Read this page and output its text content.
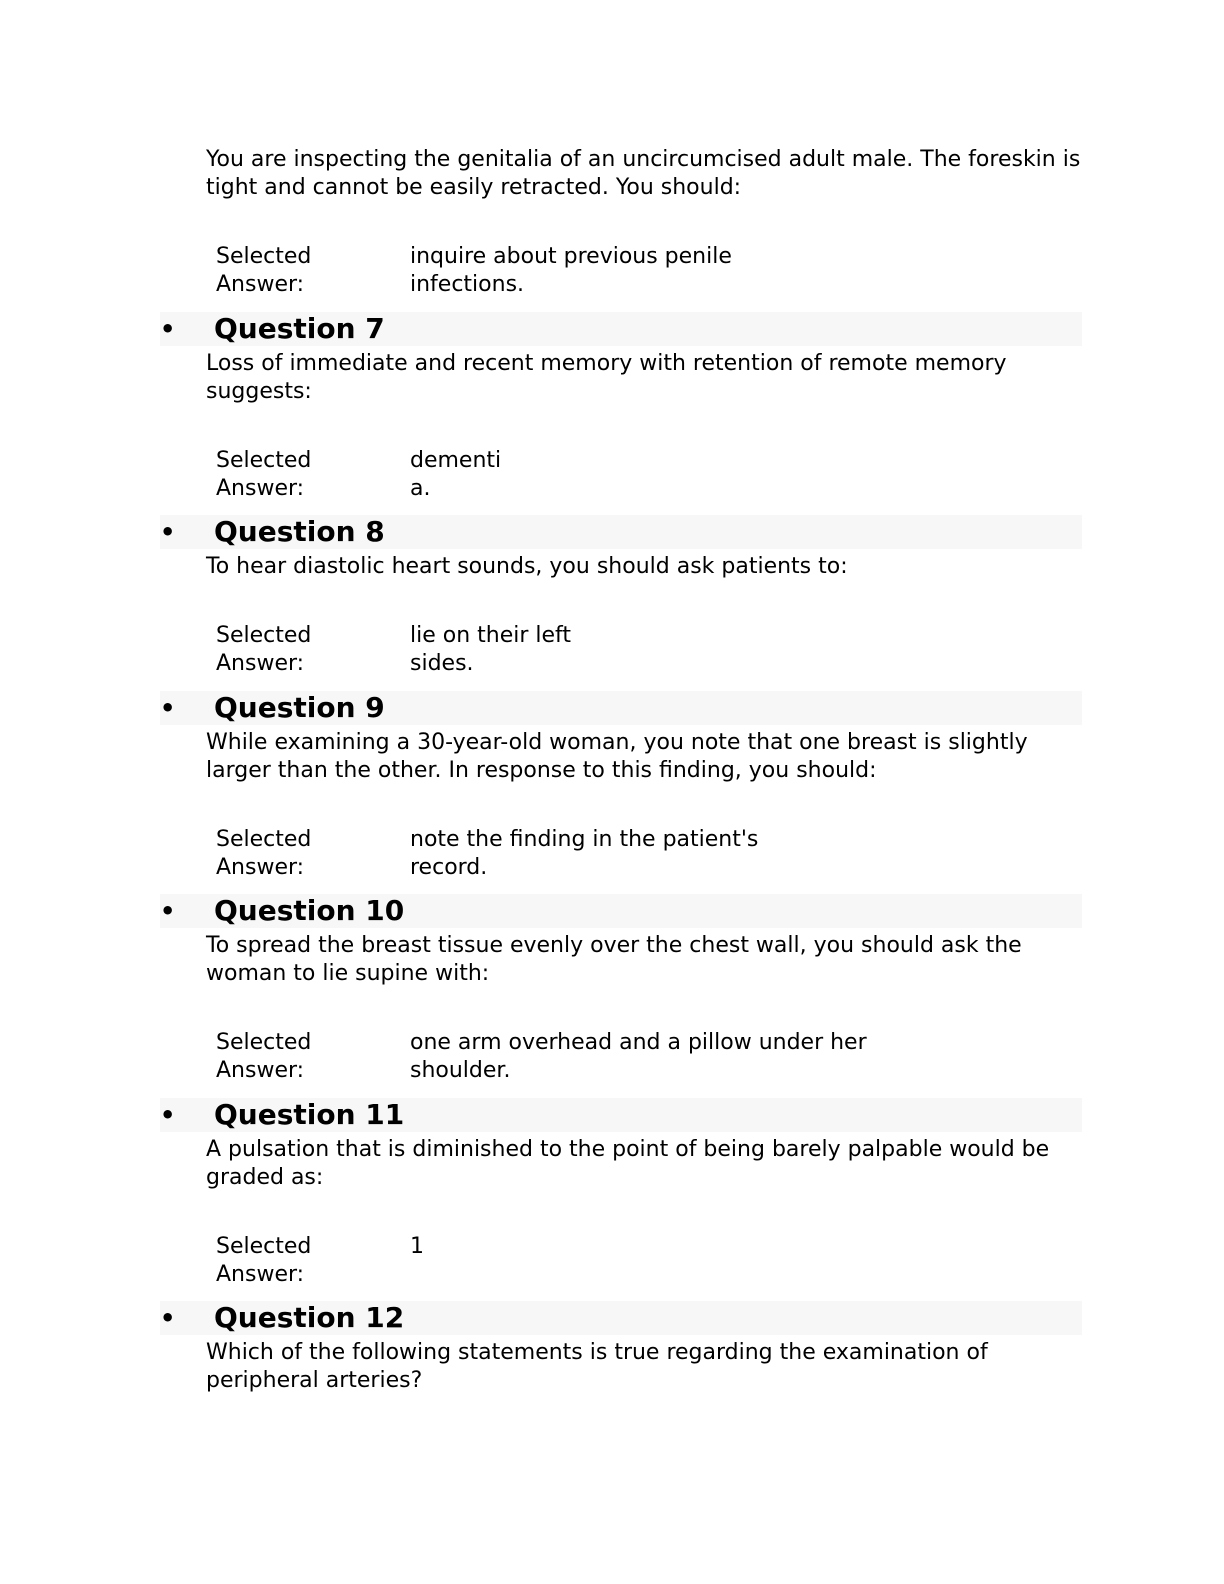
You are inspecting the genitalia of an uncircumcised adult male. The foreskin is tight and cannot be easily retracted. You should:

Selected Answer:
inquire about previous penile infections.
• Question 7

Loss of immediate and recent memory with retention of remote memory suggests:

Selected Answer:
dementi a.
• Question 8

To hear diastolic heart sounds, you should ask patients to:

Selected Answer:
lie on their left sides.
• Question 9

While examining a 30-year-old woman, you note that one breast is slightly larger than the other. In response to this finding, you should:

Selected Answer:
note the finding in the patient's record.
• Question 10

To spread the breast tissue evenly over the chest wall, you should ask the woman to lie supine with:

Selected Answer:
one arm overhead and a pillow under her shoulder.
• Question 11

A pulsation that is diminished to the point of being barely palpable would be graded as:

Selected Answer:
1
• Question 12

Which of the following statements is true regarding the examination of peripheral arteries?
